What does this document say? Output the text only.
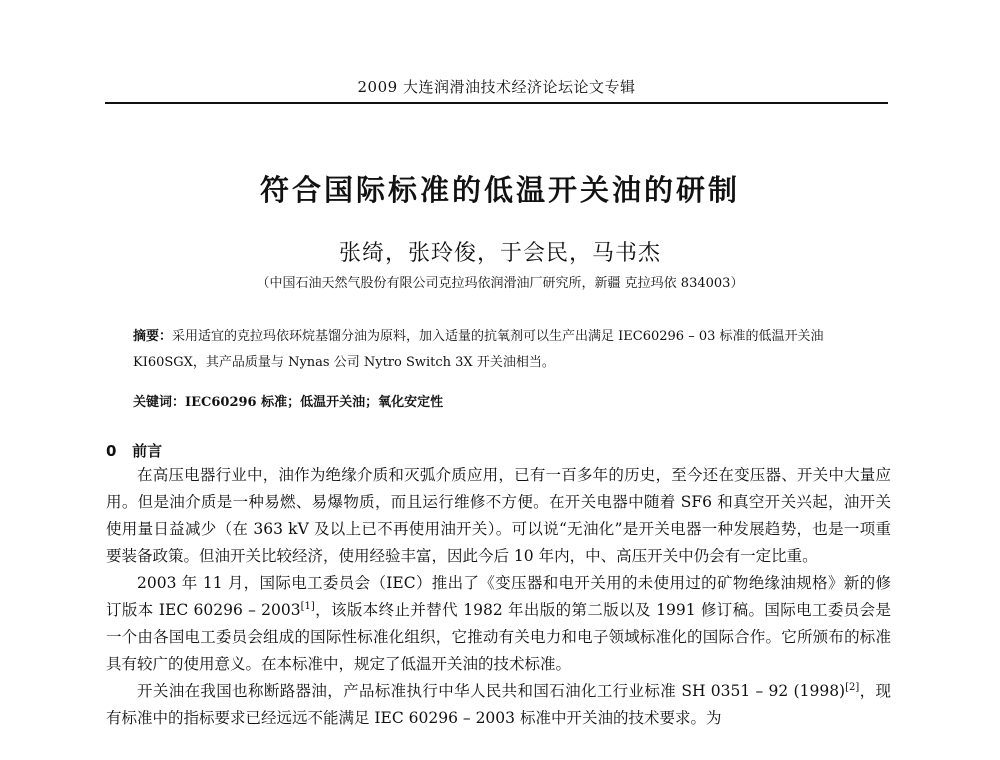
2009 大连润滑油技术经济论坛论文专辑
符合国际标准的低温开关油的研制
张绮，张玲俊，于会民，马书杰
（中国石油天然气股份有限公司克拉玛依润滑油厂研究所，新疆 克拉玛依 834003）
摘要：采用适宜的克拉玛依环烷基馏分油为原料，加入适量的抗氧剂可以生产出满足 IEC60296 – 03 标准的低温开关油 KI60SGX，其产品质量与 Nynas 公司 Nytro Switch 3X 开关油相当。
关键词：IEC60296 标准；低温开关油；氧化安定性
0 前言

在高压电器行业中，油作为绝缘介质和灭弧介质应用，已有一百多年的历史，至今还在变压器、开关中大量应用。但是油介质是一种易燃、易爆物质，而且运行维修不方便。在开关电器中随着 SF6 和真空开关兴起，油开关使用量日益减少（在 363 kV 及以上已不再使用油开关）。可以说“无油化”是开关电器一种发展趋势，也是一项重要装备政策。但油开关比较经济，使用经验丰富，因此今后 10 年内，中、高压开关中仍会有一定比重。

2003 年 11 月，国际电工委员会（IEC）推出了《变压器和电开关用的未使用过的矿物绝缘油规格》新的修订版本 IEC 60296 – 2003[1]，该版本终止并替代 1982 年出版的第二版以及 1991 修订稿。国际电工委员会是一个由各国电工委员会组成的国际性标准化组织，它推动有关电力和电子领域标准化的国际合作。它所颁布的标准具有较广的使用意义。在本标准中，规定了低温开关油的技术标准。

开关油在我国也称断路器油，产品标准执行中华人民共和国石油化工行业标准 SH 0351 – 92 (1998)[2]，现有标准中的指标要求已经远远不能满足 IEC 60296 – 2003 标准中开关油的技术要求。为
